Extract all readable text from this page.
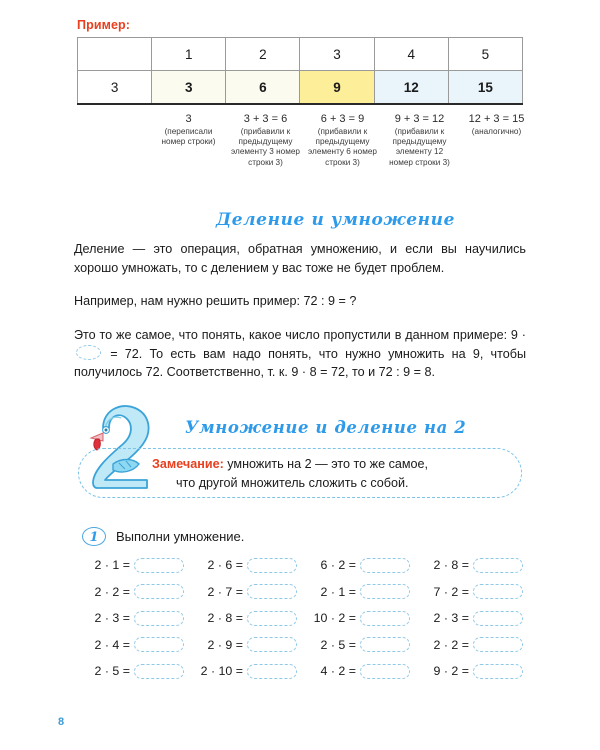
Пример:
	1	2	3	4	5
3	3	6	9	12	15
3
(переписали номер строки)
3 + 3 = 6
(прибавили к предыдущему элементу 3 номер строки 3)
6 + 3 = 9
(прибавили к предыдущему элементу 6 номер строки 3)
9 + 3 = 12
(прибавили к предыдущему элементу 12 номер строки 3)
12 + 3 = 15
(аналогично)
Деление и умножение
Деление — это операция, обратная умножению, и если вы научились хорошо умножать, то с делением у вас тоже не будет проблем.
Например, нам нужно решить пример: 72 : 9 = ?
Это то же самое, что понять, какое число пропустили в данном примере: 9 ·  = 72. То есть вам надо понять, что нужно умножить на 9, чтобы получилось 72. Соответственно, т. к. 9 · 8 = 72, то и 72 : 9 = 8.
Умножение и деление на 2
Замечание: умножить на 2 — это то же самое,
что другой множитель сложить с собой.
1	Выполни умножение.
2 · 1 =	2 · 6 =	6 · 2 =	2 · 8 =
2 · 2 =	2 · 7 =	2 · 1 =	7 · 2 =
2 · 3 =	2 · 8 =	10 · 2 =	2 · 3 =
2 · 4 =	2 · 9 =	2 · 5 =	2 · 2 =
2 · 5 =	2 · 10 =	4 · 2 =	9 · 2 =
8
